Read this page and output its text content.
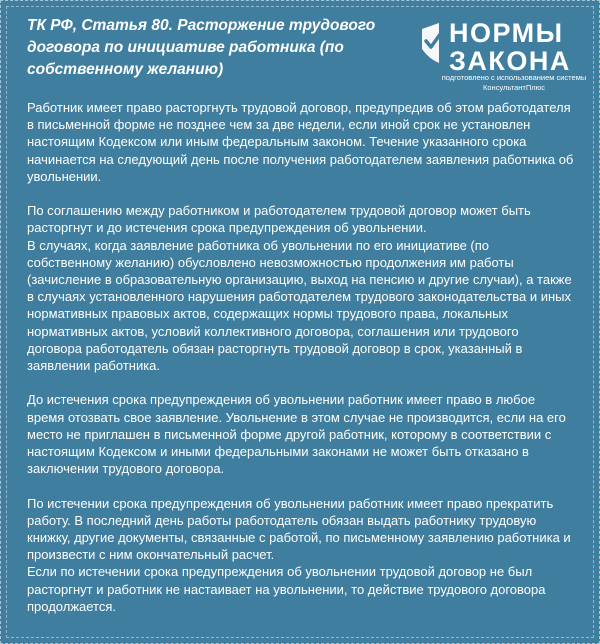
ТК РФ, Статья 80. Расторжение трудового договора по инициативе работника (по собственному желанию)
НОРМЫ
ЗАКОНА
подготовлено с использованием системы КонсультантПлюс

Работник имеет право расторгнуть трудовой договор, предупредив об этом работодателя в письменной форме не позднее чем за две недели, если иной срок не установлен настоящим Кодексом или иным федеральным законом. Течение указанного срока начинается на следующий день после получения работодателем заявления работника об увольнении.

По соглашению между работником и работодателем трудовой договор может быть расторгнут и до истечения срока предупреждения об увольнении.

В случаях, когда заявление работника об увольнении по его инициативе (по собственному желанию) обусловлено невозможностью продолжения им работы (зачисление в образовательную организацию, выход на пенсию и другие случаи), а также в случаях установленного нарушения работодателем трудового законодательства и иных нормативных правовых актов, содержащих нормы трудового права, локальных нормативных актов, условий коллективного договора, соглашения или трудового договора работодатель обязан расторгнуть трудовой договор в срок, указанный в заявлении работника.

До истечения срока предупреждения об увольнении работник имеет право в любое время отозвать свое заявление. Увольнение в этом случае не производится, если на его место не приглашен в письменной форме другой работник, которому в соответствии с настоящим Кодексом и иными федеральными законами не может быть отказано в заключении трудового договора.

По истечении срока предупреждения об увольнении работник имеет право прекратить работу. В последний день работы работодатель обязан выдать работнику трудовую книжку, другие документы, связанные с работой, по письменному заявлению работника и произвести с ним окончательный расчет.

Если по истечении срока предупреждения об увольнении трудовой договор не был расторгнут и работник не настаивает на увольнении, то действие трудового договора продолжается.
